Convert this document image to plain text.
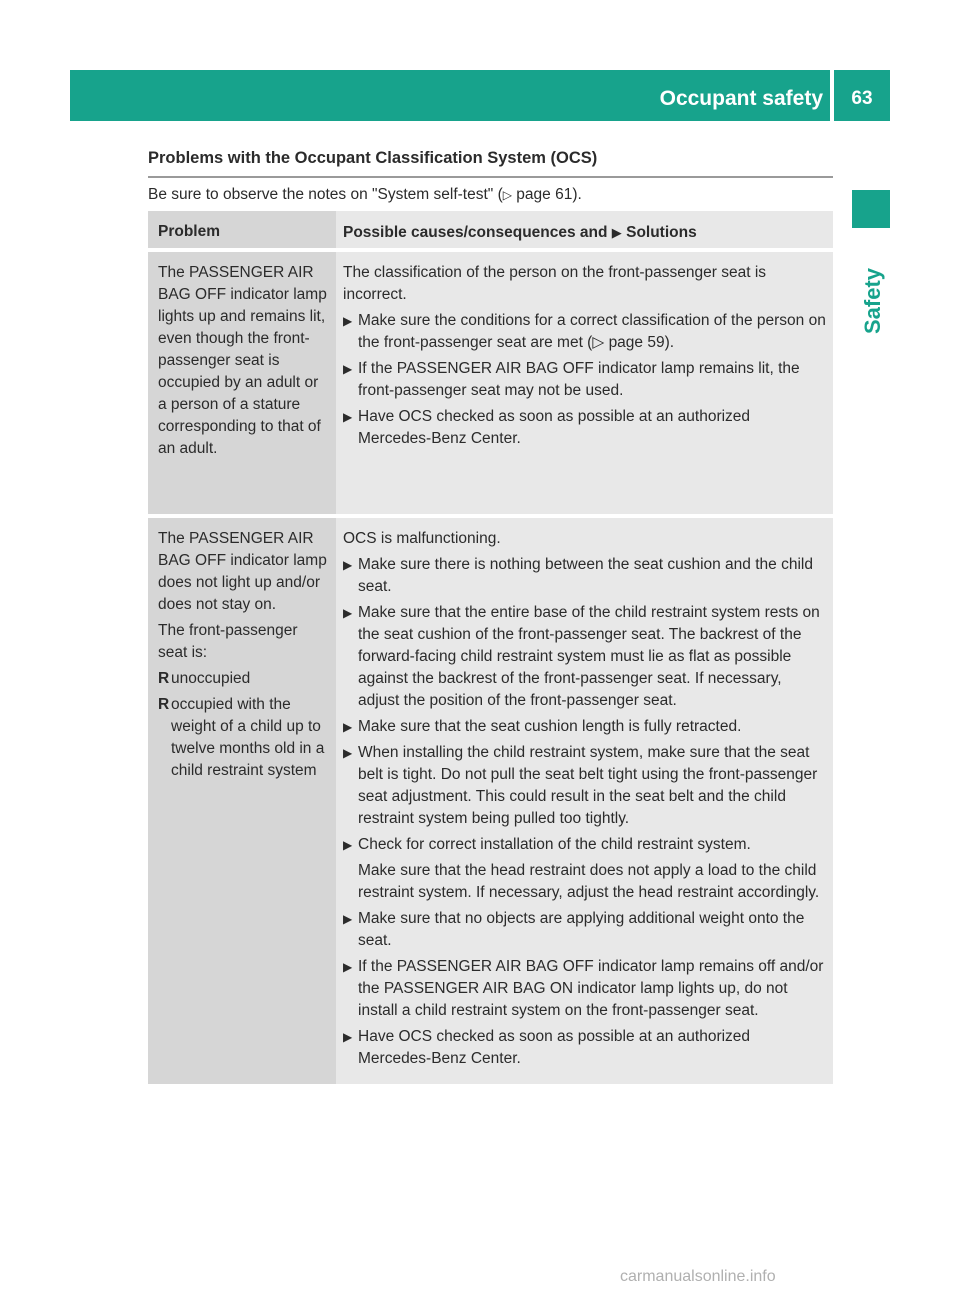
Occupant safety	63
Safety
Problems with the Occupant Classification System (OCS)
Be sure to observe the notes on "System self-test" (▷ page 61).
Problem	Possible causes/consequences and ▶ Solutions
The PASSENGER AIR BAG OFF indicator lamp lights up and remains lit, even though the front-passenger seat is occupied by an adult or a person of a stature corresponding to that of an adult.
The classification of the person on the front-passenger seat is incorrect.
▶ Make sure the conditions for a correct classification of the person on the front-passenger seat are met (▷ page 59).
▶ If the PASSENGER AIR BAG OFF indicator lamp remains lit, the front-passenger seat may not be used.
▶ Have OCS checked as soon as possible at an authorized Mercedes-Benz Center.
The PASSENGER AIR BAG OFF indicator lamp does not light up and/or does not stay on.
The front-passenger seat is:
R unoccupied
R occupied with the weight of a child up to twelve months old in a child restraint system
OCS is malfunctioning.
▶ Make sure there is nothing between the seat cushion and the child seat.
▶ Make sure that the entire base of the child restraint system rests on the seat cushion of the front-passenger seat. The backrest of the forward-facing child restraint system must lie as flat as possible against the backrest of the front-passenger seat. If necessary, adjust the position of the front-passenger seat.
▶ Make sure that the seat cushion length is fully retracted.
▶ When installing the child restraint system, make sure that the seat belt is tight. Do not pull the seat belt tight using the front-passenger seat adjustment. This could result in the seat belt and the child restraint system being pulled too tightly.
▶ Check for correct installation of the child restraint system.
Make sure that the head restraint does not apply a load to the child restraint system. If necessary, adjust the head restraint accordingly.
▶ Make sure that no objects are applying additional weight onto the seat.
▶ If the PASSENGER AIR BAG OFF indicator lamp remains off and/or the PASSENGER AIR BAG ON indicator lamp lights up, do not install a child restraint system on the front-passenger seat.
▶ Have OCS checked as soon as possible at an authorized Mercedes-Benz Center.
carmanualsonline.info
